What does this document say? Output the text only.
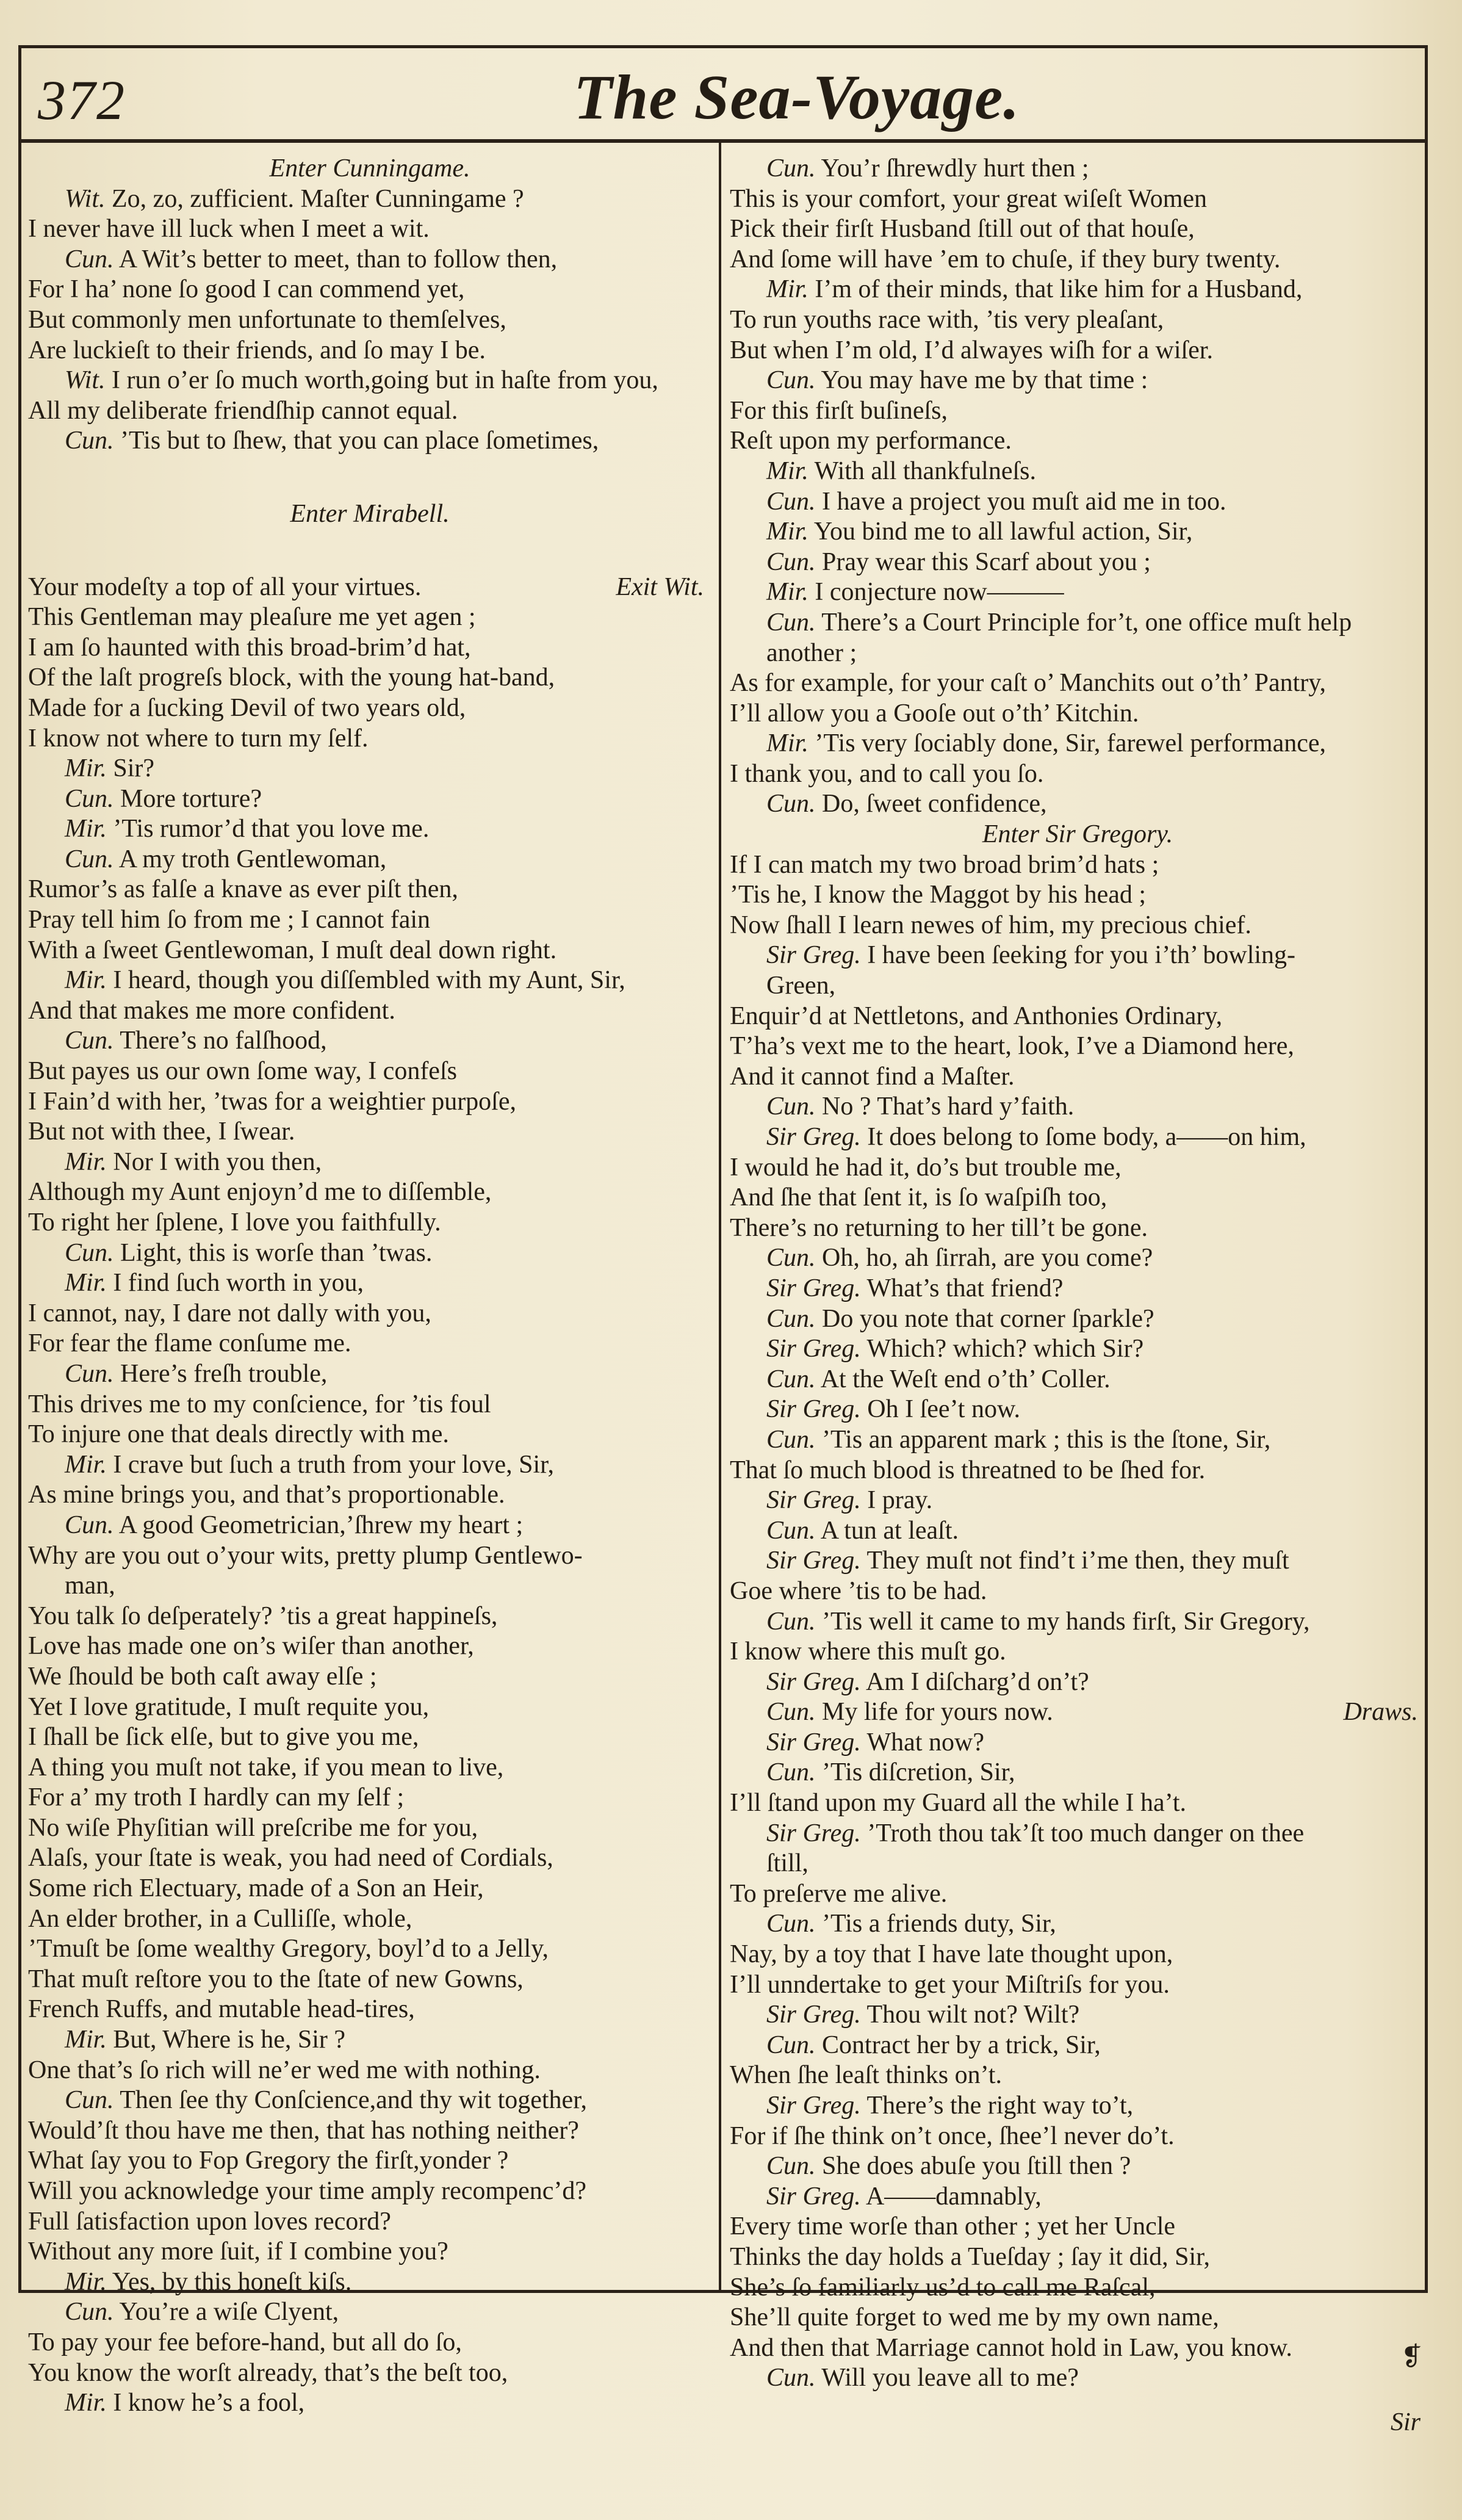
372	The Sea-Voyage.
Enter Cunningame.
Wit. Zo, zo, zufficient. Maſter Cunningame ?
I never have ill luck when I meet a wit.
Cun. A Wit’s better to meet, than to follow then,
For I ha’ none ſo good I can commend yet,
But commonly men unfortunate to themſelves,
Are luckieſt to their friends, and ſo may I be.
Wit. I run o’er ſo much worth,going but in haſte from you,
All my deliberate friendſhip cannot equal.
Cun. ’Tis but to ſhew, that you can place ſometimes,
Enter Mirabell.
Your modeſty a top of all your virtues.	Exit Wit.
This Gentleman may pleaſure me yet agen ;
I am ſo haunted with this broad-brim’d hat,
Of the laſt progreſs block, with the young hat-band,
Made for a ſucking Devil of two years old,
I know not where to turn my ſelf.
Mir. Sir?
Cun. More torture?
Mir. ’Tis rumor’d that you love me.
Cun. A my troth Gentlewoman,
Rumor’s as falſe a knave as ever piſt then,
Pray tell him ſo from me ; I cannot fain
With a ſweet Gentlewoman, I muſt deal down right.
Mir. I heard, though you diſſembled with my Aunt, Sir,
And that makes me more confident.
Cun. There’s no falſhood,
But payes us our own ſome way, I confeſs
I Fain’d with her, ’twas for a weightier purpoſe,
But not with thee, I ſwear.
Mir. Nor I with you then,
Although my Aunt enjoyn’d me to diſſemble,
To right her ſplene, I love you faithfully.
Cun. Light, this is worſe than ’twas.
Mir. I find ſuch worth in you,
I cannot, nay, I dare not dally with you,
For fear the flame conſume me.
Cun. Here’s freſh trouble,
This drives me to my conſcience, for ’tis foul
To injure one that deals directly with me.
Mir. I crave but ſuch a truth from your love, Sir,
As mine brings you, and that’s proportionable.
Cun. A good Geometrician,’ſhrew my heart ;
Why are you out o’your wits, pretty plump Gentlewo-
man,
You talk ſo deſperately? ’tis a great happineſs,
Love has made one on’s wiſer than another,
We ſhould be both caſt away elſe ;
Yet I love gratitude, I muſt requite you,
I ſhall be ſick elſe, but to give you me,
A thing you muſt not take, if you mean to live,
For a’ my troth I hardly can my ſelf ;
No wiſe Phyſitian will preſcribe me for you,
Alaſs, your ſtate is weak, you had need of Cordials,
Some rich Electuary, made of a Son an Heir,
An elder brother, in a Culliſſe, whole,
’Tmuſt be ſome wealthy Gregory, boyl’d to a Jelly,
That muſt reſtore you to the ſtate of new Gowns,
French Ruffs, and mutable head-tires,
Mir. But, Where is he, Sir ?
One that’s ſo rich will ne’er wed me with nothing.
Cun. Then ſee thy Conſcience,and thy wit together,
Would’ſt thou have me then, that has nothing neither?
What ſay you to Fop Gregory the firſt,yonder ?
Will you acknowledge your time amply recompenc’d?
Full ſatisfaction upon loves record?
Without any more ſuit, if I combine you?
Mir. Yes, by this honeſt kiſs.
Cun. You’re a wiſe Clyent,
To pay your fee before-hand, but all do ſo,
You know the worſt already, that’s the beſt too,
Mir. I know he’s a fool,
Cun. You’r ſhrewdly hurt then ;
This is your comfort, your great wiſeſt Women
Pick their firſt Husband ſtill out of that houſe,
And ſome will have ’em to chuſe, if they bury twenty.
Mir. I’m of their minds, that like him for a Husband,
To run youths race with, ’tis very pleaſant,
But when I’m old, I’d alwayes wiſh for a wiſer.
Cun. You may have me by that time :
For this firſt buſineſs,
Reſt upon my performance.
Mir. With all thankfulneſs.
Cun. I have a project you muſt aid me in too.
Mir. You bind me to all lawful action, Sir,
Cun. Pray wear this Scarf about you ;
Mir. I conjecture now———
Cun. There’s a Court Principle for’t, one office muſt help
another ;
As for example, for your caſt o’ Manchits out o’th’ Pantry,
I’ll allow you a Gooſe out o’th’ Kitchin.
Mir. ’Tis very ſociably done, Sir, farewel performance,
I thank you, and to call you ſo.
Cun. Do, ſweet confidence,
Enter Sir Gregory.
If I can match my two broad brim’d hats ;
’Tis he, I know the Maggot by his head ;
Now ſhall I learn newes of him, my precious chief.
Sir Greg. I have been ſeeking for you i’th’ bowling-
Green,
Enquir’d at Nettletons, and Anthonies Ordinary,
T’ha’s vext me to the heart, look, I’ve a Diamond here,
And it cannot find a Maſter.
Cun. No ? That’s hard y’faith.
Sir Greg. It does belong to ſome body, a——on him,
I would he had it, do’s but trouble me,
And ſhe that ſent it, is ſo waſpiſh too,
There’s no returning to her till’t be gone.
Cun. Oh, ho, ah ſirrah, are you come?
Sir Greg. What’s that friend?
Cun. Do you note that corner ſparkle?
Sir Greg. Which? which? which Sir?
Cun. At the Weſt end o’th’ Coller.
Sir Greg. Oh I ſee’t now.
Cun. ’Tis an apparent mark ; this is the ſtone, Sir,
That ſo much blood is threatned to be ſhed for.
Sir Greg. I pray.
Cun. A tun at leaſt.
Sir Greg. They muſt not find’t i’me then, they muſt
Goe where ’tis to be had.
Cun. ’Tis well it came to my hands firſt, Sir Gregory,
I know where this muſt go.
Sir Greg. Am I diſcharg’d on’t?
Cun. My life for yours now.	Draws.
Sir Greg. What now?
Cun. ’Tis diſcretion, Sir,
I’ll ſtand upon my Guard all the while I ha’t.
Sir Greg. ’Troth thou tak’ſt too much danger on thee
ſtill,
To preſerve me alive.
Cun. ’Tis a friends duty, Sir,
Nay, by a toy that I have late thought upon,
I’ll unndertake to get your Miſtriſs for you.
Sir Greg. Thou wilt not? Wilt?
Cun. Contract her by a trick, Sir,
When ſhe leaſt thinks on’t.
Sir Greg. There’s the right way to’t,
For if ſhe think on’t once, ſhee’l never do’t.
Cun. She does abuſe you ſtill then ?
Sir Greg. A——damnably,
Every time worſe than other ; yet her Uncle
Thinks the day holds a Tueſday ; ſay it did, Sir,
She’s ſo familiarly us’d to call me Raſcal,
She’ll quite forget to wed me by my own name,
And then that Marriage cannot hold in Law, you know.
Cun. Will you leave all to me?
❡
Sir
